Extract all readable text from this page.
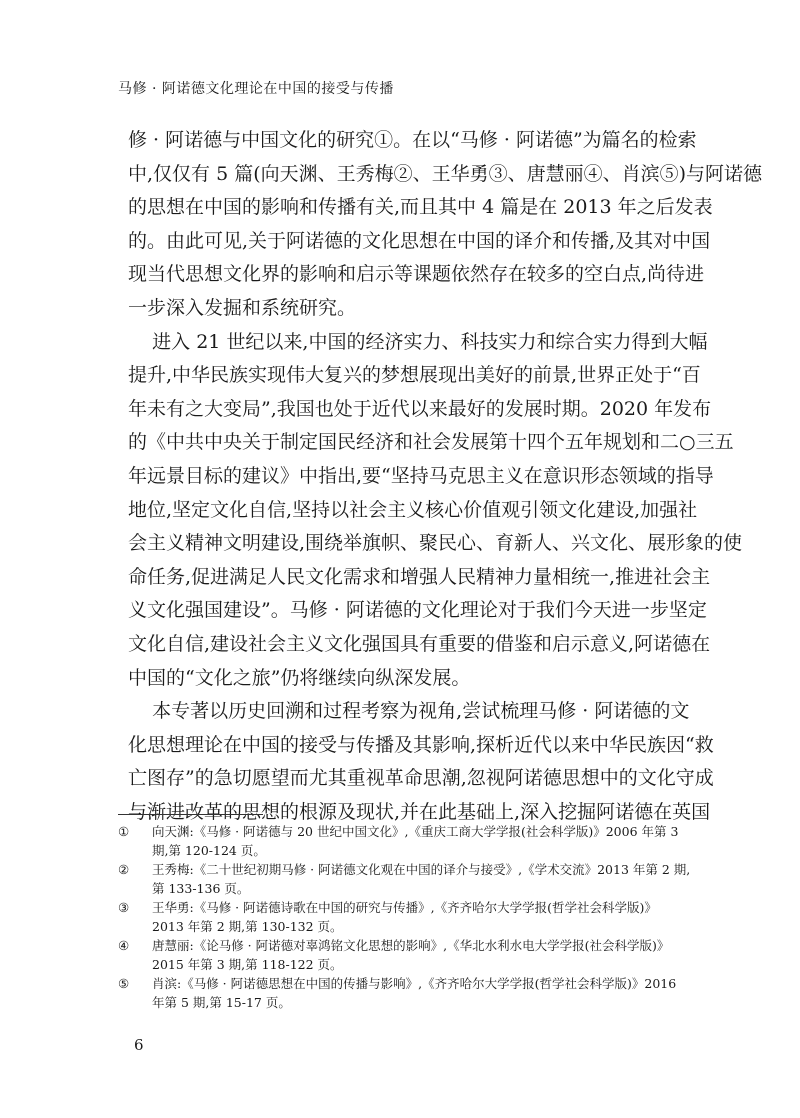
马修 · 阿诺德文化理论在中国的接受与传播
修 · 阿诺德与中国文化的研究①。在以“马修 · 阿诺德”为篇名的检索
中,仅仅有 5 篇(向天渊、王秀梅②、王华勇③、唐慧丽④、肖滨⑤)与阿诺德
的思想在中国的影响和传播有关,而且其中 4 篇是在 2013 年之后发表
的。由此可见,关于阿诺德的文化思想在中国的译介和传播,及其对中国
现当代思想文化界的影响和启示等课题依然存在较多的空白点,尚待进
一步深入发掘和系统研究。
进入 21 世纪以来,中国的经济实力、科技实力和综合实力得到大幅
提升,中华民族实现伟大复兴的梦想展现出美好的前景,世界正处于“百
年未有之大变局”,我国也处于近代以来最好的发展时期。2020 年发布
的《中共中央关于制定国民经济和社会发展第十四个五年规划和二○三五
年远景目标的建议》中指出,要“坚持马克思主义在意识形态领域的指导
地位,坚定文化自信,坚持以社会主义核心价值观引领文化建设,加强社
会主义精神文明建设,围绕举旗帜、聚民心、育新人、兴文化、展形象的使
命任务,促进满足人民文化需求和增强人民精神力量相统一,推进社会主
义文化强国建设”。马修 · 阿诺德的文化理论对于我们今天进一步坚定
文化自信,建设社会主义文化强国具有重要的借鉴和启示意义,阿诺德在
中国的“文化之旅”仍将继续向纵深发展。
本专著以历史回溯和过程考察为视角,尝试梳理马修 · 阿诺德的文
化思想理论在中国的接受与传播及其影响,探析近代以来中华民族因“救
亡图存”的急切愿望而尤其重视革命思潮,忽视阿诺德思想中的文化守成
与渐进改革的思想的根源及现状,并在此基础上,深入挖掘阿诺德在英国
①	向天渊:《马修 · 阿诺德与 20 世纪中国文化》,《重庆工商大学学报(社会科学版)》2006 年第 3
期,第 120-124 页。
②	王秀梅:《二十世纪初期马修 · 阿诺德文化观在中国的译介与接受》,《学术交流》2013 年第 2 期,
第 133-136 页。
③	王华勇:《马修 · 阿诺德诗歌在中国的研究与传播》,《齐齐哈尔大学学报(哲学社会科学版)》
2013 年第 2 期,第 130-132 页。
④	唐慧丽:《论马修 · 阿诺德对辜鸿铭文化思想的影响》,《华北水利水电大学学报(社会科学版)》
2015 年第 3 期,第 118-122 页。
⑤	肖滨:《马修 · 阿诺德思想在中国的传播与影响》,《齐齐哈尔大学学报(哲学社会科学版)》2016
年第 5 期,第 15-17 页。
6
